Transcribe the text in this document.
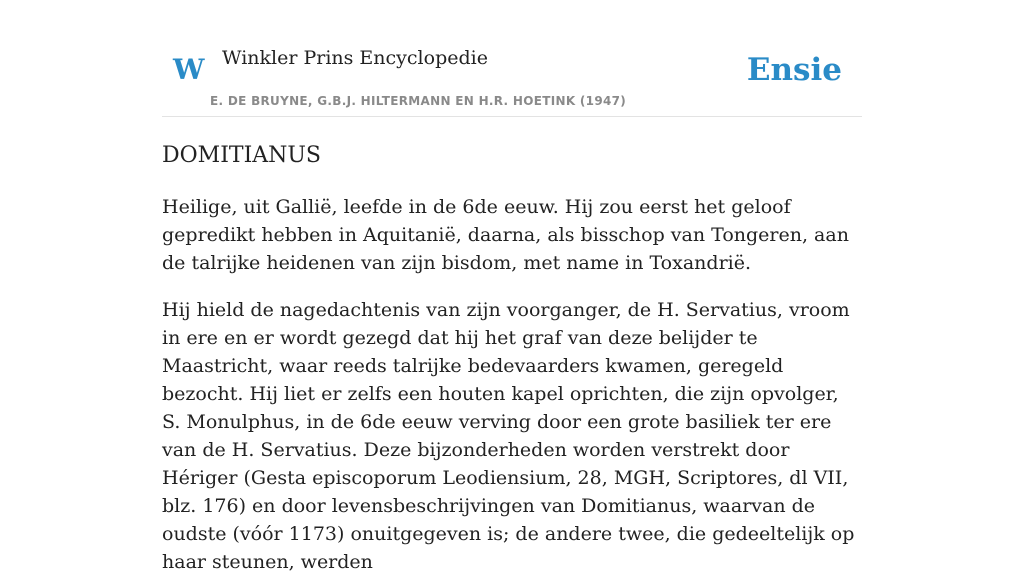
W Winkler Prins Encyclopedie
E. DE BRUYNE, G.B.J. HILTERMANN EN H.R. HOETINK (1947)
Ensie
DOMITIANUS

Heilige, uit Gallië, leefde in de 6de eeuw. Hij zou eerst het geloof gepredikt hebben in Aquitanië, daarna, als bisschop van Tongeren, aan de talrijke heidenen van zijn bisdom, met name in Toxandrië.

Hij hield de nagedachtenis van zijn voorganger, de H. Servatius, vroom in ere en er wordt gezegd dat hij het graf van deze belijder te Maastricht, waar reeds talrijke bedevaarders kwamen, geregeld bezocht. Hij liet er zelfs een houten kapel oprichten, die zijn opvolger, S. Monulphus, in de 6de eeuw verving door een grote basiliek ter ere van de H. Servatius. Deze bijzonderheden worden verstrekt door Hériger (Gesta episcoporum Leodiensium, 28, MGH, Scriptores, dl VII, blz. 176) en door levensbeschrijvingen van Domitianus, waarvan de oudste (vóór 1173) onuitgegeven is; de andere twee, die gedeeltelijk op haar steunen, werden
